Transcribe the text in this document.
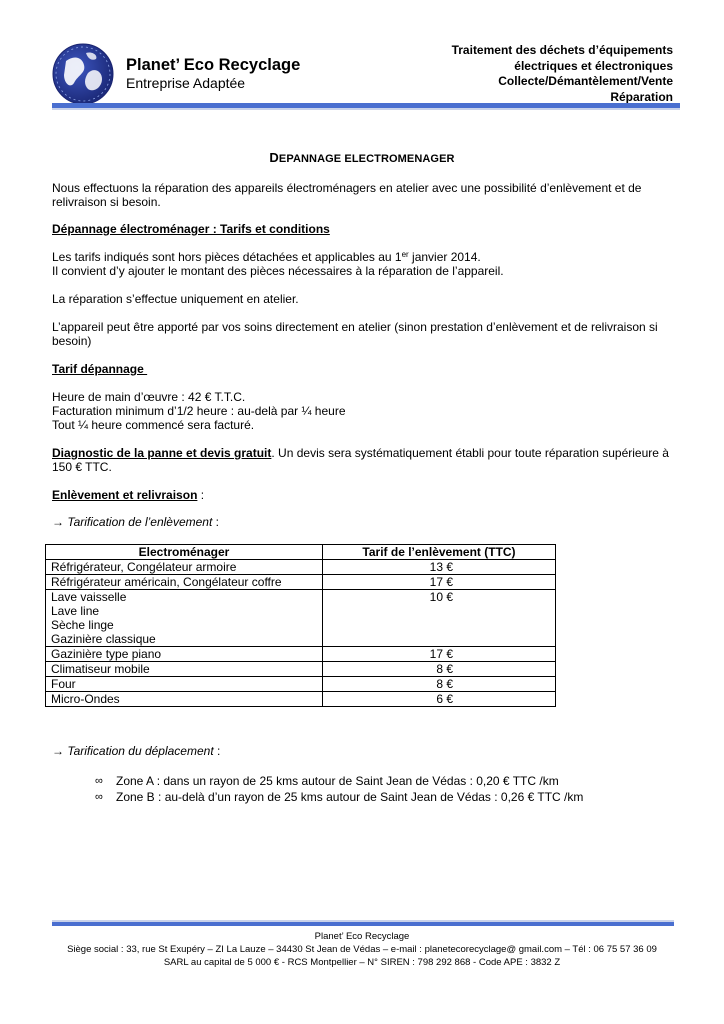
Planet’ Eco Recyclage
Entreprise Adaptée
Traitement des déchets d’équipements
électriques et électroniques
Collecte/Démantèlement/Vente
Réparation
DEPANNAGE ELECTROMENAGER
Nous effectuons la réparation des appareils électroménagers en atelier avec une possibilité d’enlèvement et de relivraison si besoin.
Dépannage électroménager : Tarifs et conditions
Les tarifs indiqués sont hors pièces détachées et applicables au 1er janvier 2014.
Il convient d’y ajouter le montant des pièces nécessaires à la réparation de l’appareil.
La réparation s’effectue uniquement en atelier.
L’appareil peut être apporté par vos soins directement en atelier (sinon prestation d’enlèvement et de relivraison si besoin)
Tarif dépannage
Heure de main d’œuvre : 42 € T.T.C.
Facturation minimum d’1/2 heure : au-delà par ¼ heure
Tout ¼ heure commencé sera facturé.
Diagnostic de la panne et devis gratuit. Un devis sera systématiquement établi pour toute réparation supérieure à 150 € TTC.
Enlèvement et relivraison :
→ Tarification de l’enlèvement :
Electroménager	Tarif de l’enlèvement (TTC)
Réfrigérateur, Congélateur armoire	13 €
Réfrigérateur américain, Congélateur coffre	17 €

Lave vaisselle
Lave line
Sèche linge
Gazinière classique	10 €
Gazinière type piano	17 €
Climatiseur mobile	8 €
Four	8 €
Micro-Ondes	6 €
→ Tarification du déplacement :
∞	Zone A : dans un rayon de 25 kms autour de Saint Jean de Védas : 0,20 € TTC /km
∞	Zone B : au-delà d’un rayon de 25 kms autour de Saint Jean de Védas : 0,26 € TTC /km
Planet’ Eco Recyclage
Siège social : 33, rue St Exupéry – ZI La Lauze – 34430 St Jean de Védas – e-mail : planetecorecyclage@ gmail.com – Tél : 06 75 57 36 09
SARL au capital de 5 000 € - RCS Montpellier – N° SIREN : 798 292 868 - Code APE : 3832 Z
